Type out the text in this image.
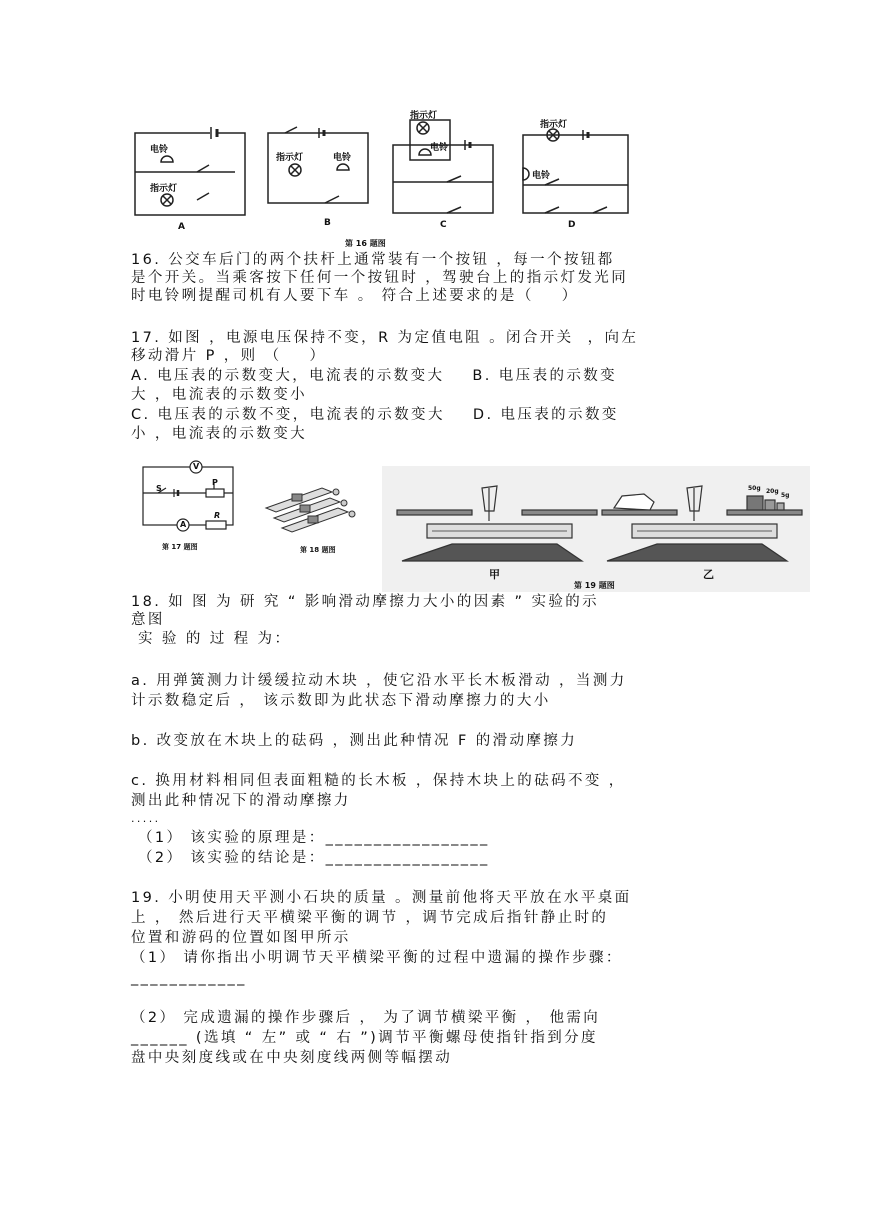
电铃
指示灯
指示灯	电铃
指示灯
电铃
指示灯
电铃
A	B	C	D
第 16 题图
16. 公交车后门的两个扶杆上通常装有一个按钮 ，每一个按钮都
是个开关。当乘客按下任何一个按钮时 ，驾驶台上的指示灯发光同
时电铃咧提醒司机有人要下车 。 符合上述要求的是（    ）
17. 如图 ，电源电压保持不变，R 为定值电阻 。闭合开关  ，向左
移动滑片 P ，则 （    ）
A. 电压表的示数变大，电流表的示数变大    B. 电压表的示数变
大 ，电流表的示数变小
C. 电压表的示数不变，电流表的示数变大    D. 电压表的示数变
小 ，电流表的示数变大
V
S
P
A
R
第 17 题图	第 18 题图
50g 20g
5g
甲	乙
第 19 题图
18. 如 图 为 研 究 “ 影响滑动摩擦力大小的因素 ” 实验的示
意图
实 验 的 过 程 为：
a. 用弹簧测力计缓缓拉动木块 ，使它沿水平长木板滑动 ，当测力
计示数稳定后 ， 该示数即为此状态下滑动摩擦力的大小
b. 改变放在木块上的砝码 ，测出此种情况 F 的滑动摩擦力
c. 换用材料相同但表面粗糙的长木板 ，保持木块上的砝码不变 ，
测出此种情况下的滑动摩擦力
.....
（1） 该实验的原理是：_________________
（2） 该实验的结论是：_________________
19. 小明使用天平测小石块的质量 。测量前他将天平放在水平桌面
上 ， 然后进行天平横梁平衡的调节 ，调节完成后指针静止时的
位置和游码的位置如图甲所示
（1） 请你指出小明调节天平横梁平衡的过程中遗漏的操作步骤：
____________
（2） 完成遗漏的操作步骤后 ， 为了调节横梁平衡 ， 他需向
______ (选填 “ 左” 或 “ 右 ”)调节平衡螺母使指针指到分度
盘中央刻度线或在中央刻度线两侧等幅摆动
